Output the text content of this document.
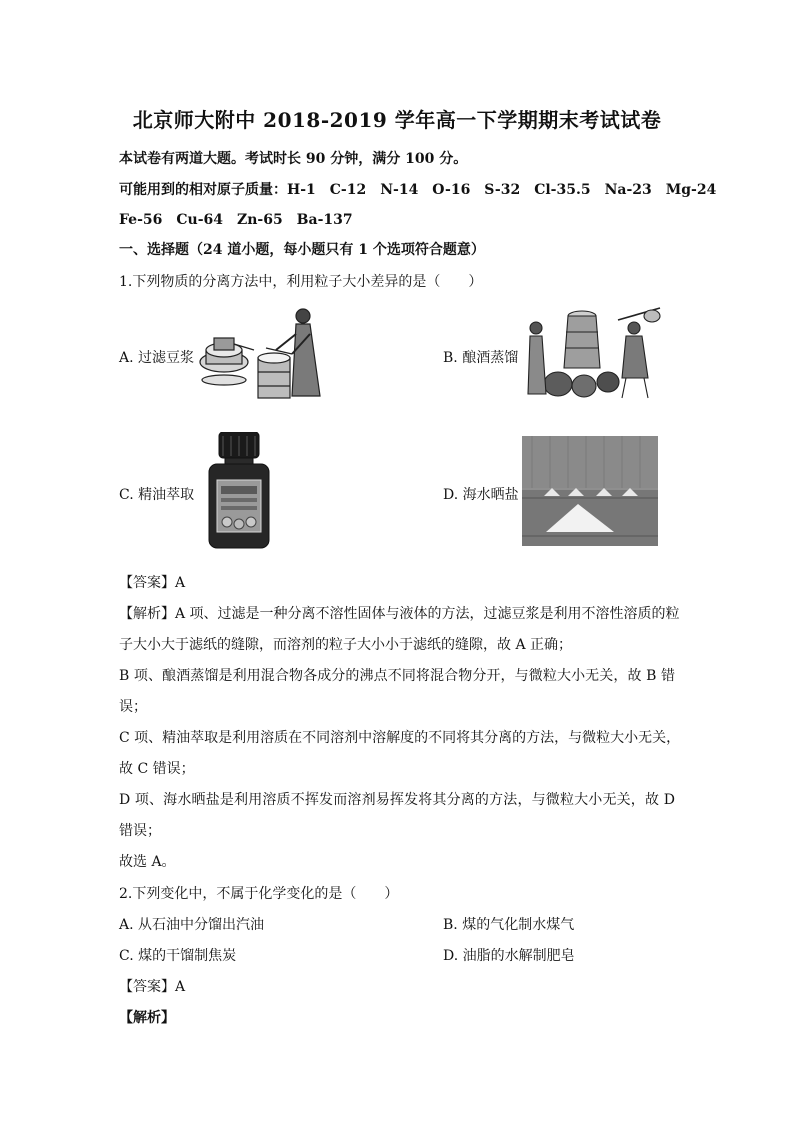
北京师大附中 2018-2019 学年高一下学期期末考试试卷
本试卷有两道大题。考试时长 90 分钟，满分 100 分。
可能用到的相对原子质量：H-1　C-12　N-14　O-16　S-32　Cl-35.5　Na-23　Mg-24
Fe-56　Cu-64　Zn-65　Ba-137
一、选择题（24 道小题，每小题只有 1 个选项符合题意）
1.下列物质的分离方法中，利用粒子大小差异的是（　　）
A. 过滤豆浆	B. 酿酒蒸馏
C. 精油萃取	D. 海水晒盐
【答案】A
【解析】A 项、过滤是一种分离不溶性固体与液体的方法，过滤豆浆是利用不溶性溶质的粒
子大小大于滤纸的缝隙，而溶剂的粒子大小小于滤纸的缝隙，故 A 正确；
B 项、酿酒蒸馏是利用混合物各成分的沸点不同将混合物分开，与微粒大小无关，故 B 错
误；
C 项、精油萃取是利用溶质在不同溶剂中溶解度的不同将其分离的方法，与微粒大小无关，
故 C 错误；
D 项、海水晒盐是利用溶质不挥发而溶剂易挥发将其分离的方法，与微粒大小无关，故 D
错误；
故选 A。
2.下列变化中，不属于化学变化的是（　　）
A. 从石油中分馏出汽油	B. 煤的气化制水煤气
C. 煤的干馏制焦炭	D. 油脂的水解制肥皂
【答案】A
【解析】
